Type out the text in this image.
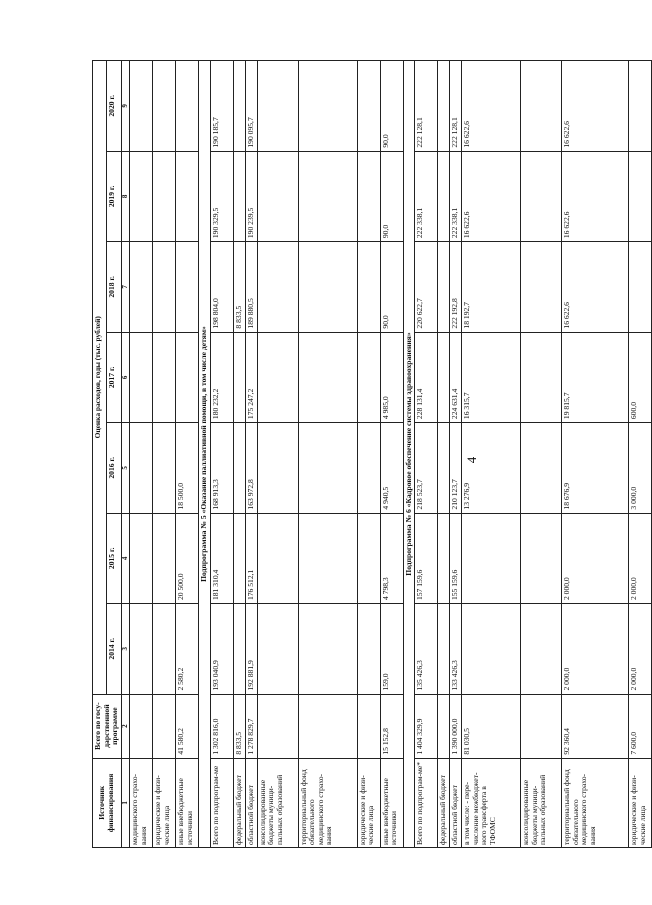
4
Источник финансирования	Всего по госу-дарственной программе	Оценка расходов, годы (тыс. рублей)						
		2014 г.	2015 г.	2016 г.	2017 г.	2018 г.	2019 г.	2020 г.
1	2	3	4	5	6	7	8	9
медицинского страхо-вания								
юридические и физи-ческие лица								
иные внебюджетные источники	41 580,2	2 580,2	20 500,0	18 500,0				
Подпрограмма № 5 «Оказание паллиативной помощи, в том числе детям»								
Всего по подпрограм-ме	1 302 816,0	193 040,9	181 310,4	168 913,3	180 232,2	198 804,0	190 329,5	190 185,7
федеральный бюджет	8 833,5					8 833,5		
областной бюджет	1 278 829,7	192 881,9	176 512,1	163 972,8	175 247,2	189 880,5	190 239,5	190 095,7
консолидированные бюджеты муници-пальных образований								
территориальный фонд обязательного медицинского страхо-вания								
юридические и физи-ческие лица								
иные внебюджетные источники	15 152,8	159,0	4 798,3	4 940,5	4 985,0	90,0	90,0	90,0
Подпрограмма № 6 «Кадровое обеспечение системы здравоохранения»								
Всего по подпрограм-ме*	1 404 329,9	135 426,3	157 159,6	218 523,7	228 131,4	220 622,7	222 338,1	222 128,1
федеральный бюджет								
областной бюджет	1 390 000,0	133 426,3	155 159,6	210 123,7	224 631,4	222 192,8	222 338,1	222 128,1
в том числе: - пере-числение межбюджет-ного трансферта в ТФОМС	81 030,5			13 276,9	16 315,7	18 192,7	16 622,6	16 622,6
консолидированные бюджеты муници-пальных образований								
территориальный фонд обязательного медицинского страхо-вания	92 360,4	2 000,0	2 000,0	18 676,9	19 815,7	16 622,6	16 622,6	16 622,6
юридические и физи-ческие лица	7 600,0	2 000,0	2 000,0	3 000,0	600,0			
